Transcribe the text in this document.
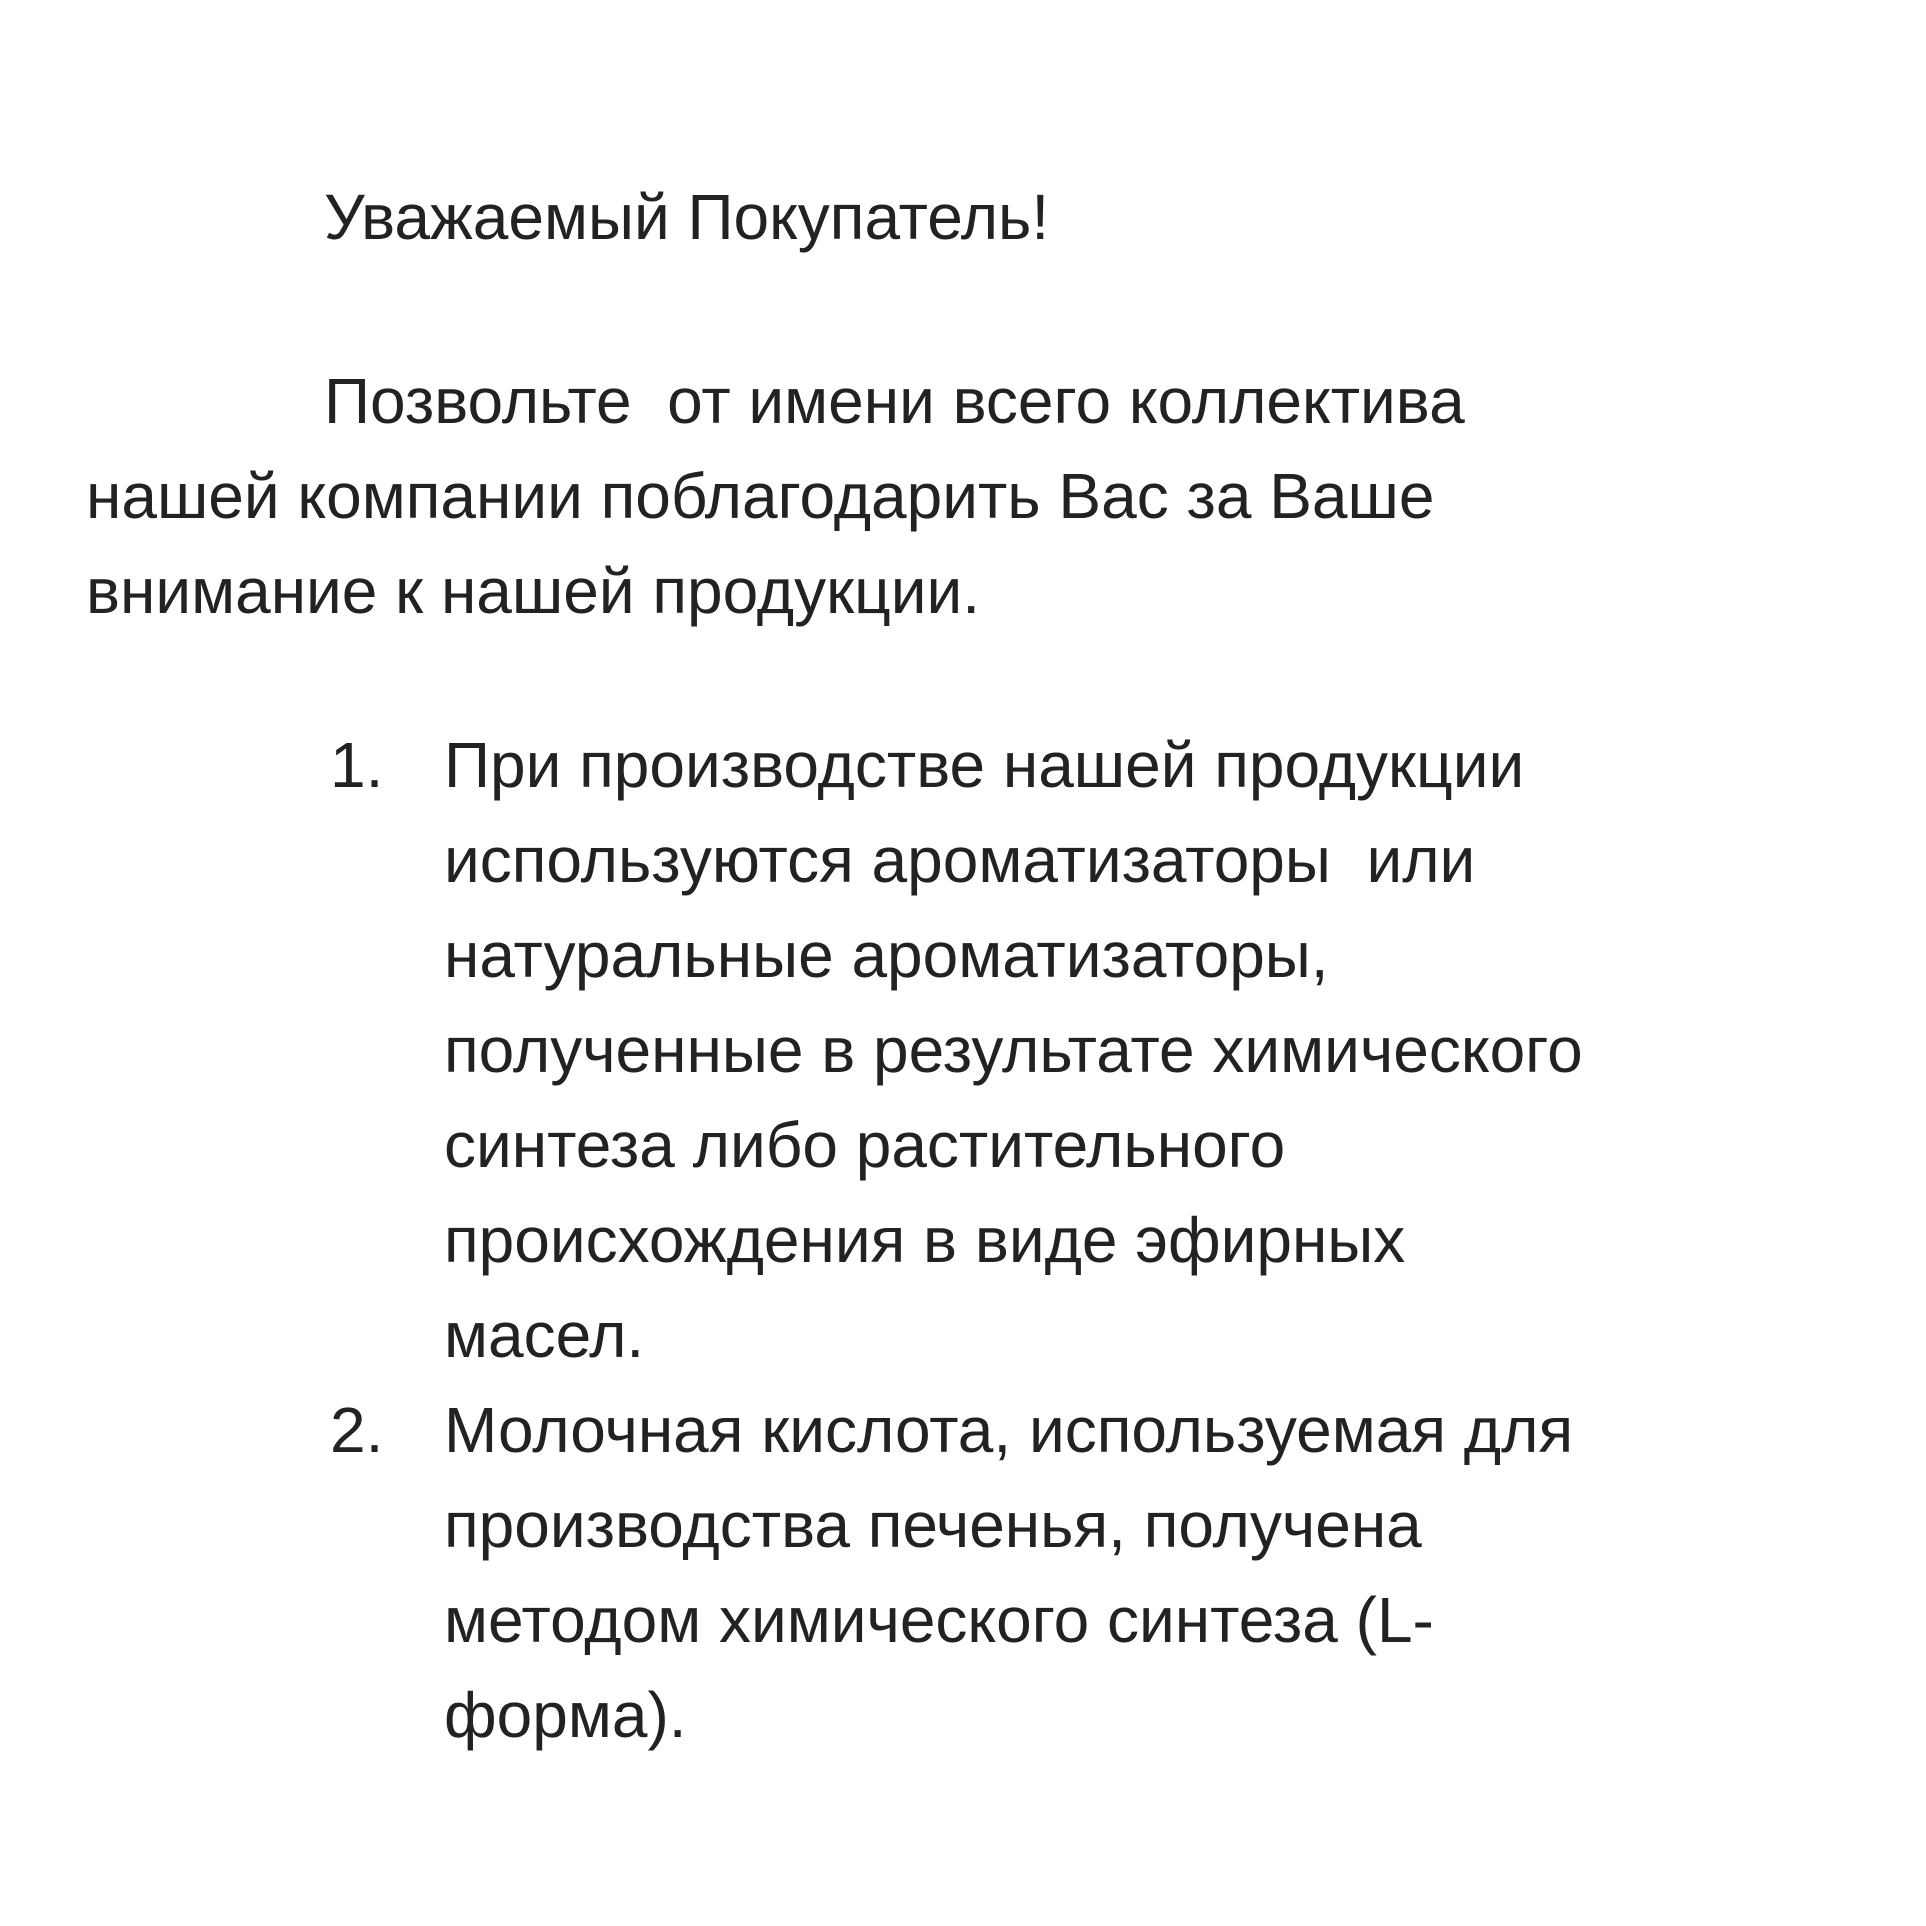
Уважаемый Покупатель!

Позвольте  от имени всего коллектива

нашей компании поблагодарить Вас за Ваше

внимание к нашей продукции.

1. При производстве нашей продукции

используются ароматизаторы  или

натуральные ароматизаторы,

полученные в результате химического

синтеза либо растительного

происхождения в виде эфирных

масел.

2. Молочная кислота, используемая для

производства печенья, получена

методом химического синтеза (L-

форма).
